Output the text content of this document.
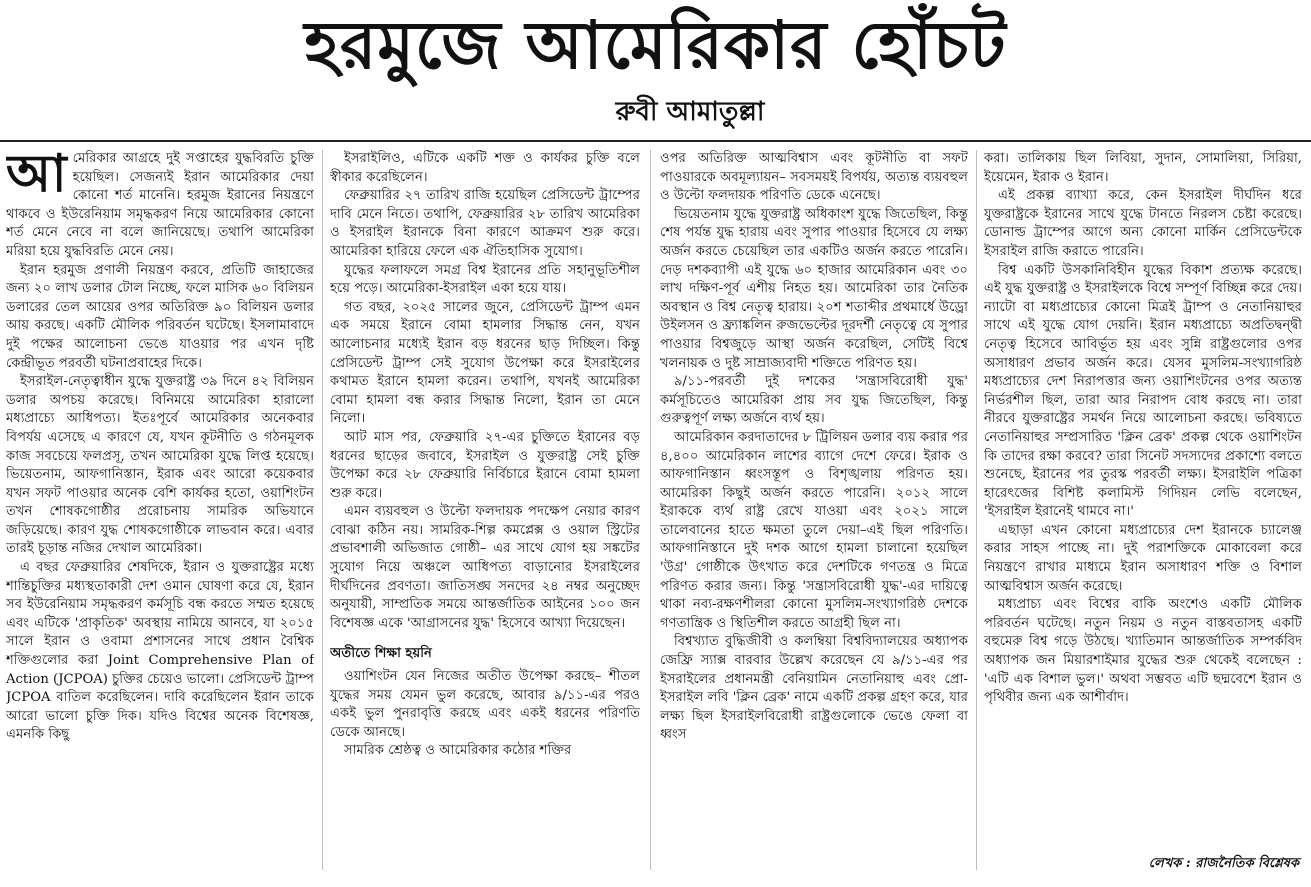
হরমুজে আমেরিকার হোঁচট
রুবী আমাতুল্লা

আমেরিকার আগ্রহে দুই সপ্তাহের যুদ্ধবিরতি চুক্তি হয়েছিল। সেজন্যই ইরান আমেরিকার দেয়া কোনো শর্ত মানেনি। হরমুজ ইরানের নিয়ন্ত্রণে থাকবে ও ইউরেনিয়াম সমৃদ্ধকরণ নিয়ে আমেরিকার কোনো শর্ত মেনে নেবে না বলে জানিয়েছে। তথাপি আমেরিকা মরিয়া হয়ে যুদ্ধবিরতি মেনে নেয়।

ইরান হরমুজ প্রণালী নিয়ন্ত্রণ করবে, প্রতিটি জাহাজের জন্য ২০ লাখ ডলার টোল নিচ্ছে, ফলে মাসিক ৬০ বিলিয়ন ডলারের তেল আয়ের ওপর অতিরিক্ত ৯০ বিলিয়ন ডলার আয় করছে। একটি মৌলিক পরিবর্তন ঘটেছে। ইসলামাবাদে দুই পক্ষের আলোচনা ভেঙে যাওয়ার পর এখন দৃষ্টি কেন্দ্রীভূত পরবর্তী ঘটনাপ্রবাহের দিকে।

ইসরাইল-নেতৃত্বাধীন যুদ্ধে যুক্তরাষ্ট্র ৩৯ দিনে ৪২ বিলিয়ন ডলার অপচয় করেছে। বিনিময়ে আমেরিকা হারালো মধ্যপ্রাচ্যে আধিপত্য। ইতঃপূর্বে আমেরিকার অনেকবার বিপর্যয় এসেছে এ কারণে যে, যখন কূটনীতি ও গঠনমূলক কাজ সবচেয়ে ফলপ্রসূ, তখন আমেরিকা যুদ্ধে লিপ্ত হয়েছে। ভিয়েতনাম, আফগানিস্তান, ইরাক এবং আরো কয়েকবার যখন সফট পাওয়ার অনেক বেশি কার্যকর হতো, ওয়াশিংটন তখন শোষকগোষ্ঠীর প্ররোচনায় সামরিক অভিযানে জড়িয়েছে। কারণ যুদ্ধ শোষকগোষ্ঠীকে লাভবান করে। এবার তারই চূড়ান্ত নজির দেখাল আমেরিকা।

এ বছর ফেব্রুয়ারির শেষদিকে, ইরান ও যুক্তরাষ্ট্রের মধ্যে শান্তিচুক্তির মধ্যস্থতাকারী দেশ ওমান ঘোষণা করে যে, ইরান সব ইউরেনিয়াম সমৃদ্ধকরণ কর্মসূচি বন্ধ করতে সম্মত হয়েছে এবং এটিকে 'প্রাকৃতিক' অবস্থায় নামিয়ে আনবে, যা ২০১৫ সালে ইরান ও ওবামা প্রশাসনের সাথে প্রধান বৈশ্বিক শক্তিগুলোর করা Joint Comprehensive Plan of Action (JCPOA) চুক্তির চেয়েও ভালো। প্রেসিডেন্ট ট্রাম্প JCPOA বাতিল করেছিলেন। দাবি করেছিলেন ইরান তাকে আরো ভালো চুক্তি দিক। যদিও বিশ্বের অনেক বিশেষজ্ঞ, এমনকি কিছু

ইসরাইলিও, এটিকে একটি শক্ত ও কার্যকর চুক্তি বলে স্বীকার করেছিলেন।

ফেব্রুয়ারির ২৭ তারিখ রাজি হয়েছিল প্রেসিডেন্ট ট্রাম্পের দাবি মেনে নিতে। তথাপি, ফেব্রুয়ারির ২৮ তারিখ আমেরিকা ও ইসরাইল ইরানকে বিনা কারণে আক্রমণ শুরু করে। আমেরিকা হারিয়ে ফেলে এক ঐতিহাসিক সুযোগ।

যুদ্ধের ফলাফলে সমগ্র বিশ্ব ইরানের প্রতি সহানুভূতিশীল হয়ে পড়ে। আমেরিকা-ইসরাইল একা হয়ে যায়।

গত বছর, ২০২৫ সালের জুনে, প্রেসিডেন্ট ট্রাম্প এমন এক সময়ে ইরানে বোমা হামলার সিদ্ধান্ত নেন, যখন আলোচনার মধ্যেই ইরান বড় ধরনের ছাড় দিচ্ছিল। কিন্তু প্রেসিডেন্ট ট্রাম্প সেই সুযোগ উপেক্ষা করে ইসরাইলের কথামত ইরানে হামলা করেন। তথাপি, যখনই আমেরিকা বোমা হামলা বন্ধ করার সিদ্ধান্ত নিলো, ইরান তা মেনে নিলো।

আট মাস পর, ফেব্রুয়ারি ২৭-এর চুক্তিতে ইরানের বড় ধরনের ছাড়ের জবাবে, ইসরাইল ও যুক্তরাষ্ট্র সেই চুক্তি উপেক্ষা করে ২৮ ফেব্রুয়ারি নির্বিচারে ইরানে বোমা হামলা শুরু করে।

এমন ব্যয়বহুল ও উল্টো ফলদায়ক পদক্ষেপ নেয়ার কারণ বোঝা কঠিন নয়। সামরিক-শিল্প কমপ্লেক্স ও ওয়াল স্ট্রিটের প্রভাবশালী অভিজাত গোষ্ঠী– এর সাথে যোগ হয় সঙ্কটের সুযোগ নিয়ে অঞ্চলে আধিপত্য বাড়ানোর ইসরাইলের দীর্ঘদিনের প্রবণতা। জাতিসঙ্ঘ সনদের ২৪ নম্বর অনুচ্ছেদ অনুযায়ী, সাম্প্রতিক সময়ে আন্তর্জাতিক আইনের ১০০ জন বিশেষজ্ঞ একে 'আগ্রাসনের যুদ্ধ' হিসেবে আখ্যা দিয়েছেন।

অতীতে শিক্ষা হয়নি

ওয়াশিংটন যেন নিজের অতীত উপেক্ষা করছে– শীতল যুদ্ধের সময় যেমন ভুল করেছে, আবার ৯/১১-এর পরও একই ভুল পুনরাবৃত্তি করছে এবং একই ধরনের পরিণতি ডেকে আনছে।

সামরিক শ্রেষ্ঠত্ব ও আমেরিকার কঠোর শক্তির

ওপর অতিরিক্ত আত্মবিশ্বাস এবং কূটনীতি বা সফট পাওয়ারকে অবমূল্যায়ন– সবসময়ই বিপর্যয়, অত্যন্ত ব্যয়বহুল ও উল্টো ফলদায়ক পরিণতি ডেকে এনেছে।

ভিয়েতনাম যুদ্ধে যুক্তরাষ্ট্র অধিকাংশ যুদ্ধে জিতেছিল, কিন্তু শেষ পর্যন্ত যুদ্ধ হারায় এবং সুপার পাওয়ার হিসেবে যে লক্ষ্য অর্জন করতে চেয়েছিল তার একটিও অর্জন করতে পারেনি। দেড় দশকব্যাপী এই যুদ্ধে ৬০ হাজার আমেরিকান এবং ৩০ লাখ দক্ষিণ-পূর্ব এশীয় নিহত হয়। আমেরিকা তার নৈতিক অবস্থান ও বিশ্ব নেতৃত্ব হারায়। ২০শ শতাব্দীর প্রথমার্ধে উড্রো উইলসন ও ফ্র্যাঙ্কলিন রুজভেল্টের দূরদর্শী নেতৃত্বে যে সুপার পাওয়ার বিশ্বজুড়ে আস্থা অর্জন করেছিল, সেটিই বিশ্বে খলনায়ক ও দুষ্ট সাম্রাজ্যবাদী শক্তিতে পরিণত হয়।

৯/১১-পরবর্তী দুই দশকের 'সন্ত্রাসবিরোধী যুদ্ধ' কর্মসূচিতেও আমেরিকা প্রায় সব যুদ্ধ জিতেছিল, কিন্তু গুরুত্বপূর্ণ লক্ষ্য অর্জনে ব্যর্থ হয়।

আমেরিকান করদাতাদের ৮ ট্রিলিয়ন ডলার ব্যয় করার পর ৪,৪০০ আমেরিকান লাশের ব্যাগে দেশে ফেরে। ইরাক ও আফগানিস্তান ধ্বংসস্তূপ ও বিশৃঙ্খলায় পরিণত হয়। আমেরিকা কিছুই অর্জন করতে পারেনি। ২০১২ সালে ইরাককে ব্যর্থ রাষ্ট্র রেখে যাওয়া এবং ২০২১ সালে তালেবানের হাতে ক্ষমতা তুলে দেয়া–এই ছিল পরিণতি। আফগানিস্তানে দুই দশক আগে হামলা চালানো হয়েছিল 'উগ্র' গোষ্ঠীকে উৎখাত করে দেশটিকে গণতন্ত্র ও মিত্রে পরিণত করার জন্য। কিন্তু 'সন্ত্রাসবিরোধী যুদ্ধ'-এর দায়িত্বে থাকা নব্য-রক্ষণশীলরা কোনো মুসলিম-সংখ্যাগরিষ্ঠ দেশকে গণতান্ত্রিক ও স্থিতিশীল করতে আগ্রহী ছিল না।

বিশ্বখ্যাত বুদ্ধিজীবী ও কলম্বিয়া বিশ্ববিদ্যালয়ের অধ্যাপক জেফ্রি স্যাক্স বারবার উল্লেখ করেছেন যে ৯/১১-এর পর ইসরাইলের প্রধানমন্ত্রী বেনিয়ামিন নেতানিয়াহু এবং প্রো-ইসরাইল লবি 'ক্লিন ব্রেক' নামে একটি প্রকল্প গ্রহণ করে, যার লক্ষ্য ছিল ইসরাইলবিরোধী রাষ্ট্রগুলোকে ভেঙে ফেলা বা ধ্বংস

করা। তালিকায় ছিল লিবিয়া, সুদান, সোমালিয়া, সিরিয়া, ইয়েমেন, ইরাক ও ইরান।

এই প্রকল্প ব্যাখ্যা করে, কেন ইসরাইল দীর্ঘদিন ধরে যুক্তরাষ্ট্রকে ইরানের সাথে যুদ্ধে টানতে নিরলস চেষ্টা করেছে। ডোনাল্ড ট্রাম্পের আগে অন্য কোনো মার্কিন প্রেসিডেন্টকে ইসরাইল রাজি করাতে পারেনি।

বিশ্ব একটি উসকানিবিহীন যুদ্ধের বিকাশ প্রত্যক্ষ করেছে। এই যুদ্ধ যুক্তরাষ্ট্র ও ইসরাইলকে বিশ্বে সম্পূর্ণ বিচ্ছিন্ন করে দেয়। ন্যাটো বা মধ্যপ্রাচ্যের কোনো মিত্রই ট্রাম্প ও নেতানিয়াহুর সাথে এই যুদ্ধে যোগ দেয়নি। ইরান মধ্যপ্রাচ্যে অপ্রতিদ্বন্দ্বী নেতৃত্ব হিসেবে আবির্ভূত হয় এবং সুন্নি রাষ্ট্রগুলোর ওপর অসাধারণ প্রভাব অর্জন করে। যেসব মুসলিম-সংখ্যাগরিষ্ঠ মধ্যপ্রাচ্যের দেশ নিরাপত্তার জন্য ওয়াশিংটনের ওপর অত্যন্ত নির্ভরশীল ছিল, তারা আর নিরাপদ বোধ করছে না। তারা নীরবে যুক্তরাষ্ট্রের সমর্থন নিয়ে আলোচনা করছে। ভবিষ্যতে নেতানিয়াহুর সম্প্রসারিত 'ক্লিন ব্রেক' প্রকল্প থেকে ওয়াশিংটন কি তাদের রক্ষা করবে? তারা সিনেট সদস্যদের প্রকাশ্যে বলতে শুনেছে, ইরানের পর তুরস্ক পরবর্তী লক্ষ্য। ইসরাইলি পত্রিকা হারেৎজের বিশিষ্ট কলামিস্ট গিদিয়ন লেভি বলেছেন, 'ইসরাইল ইরানেই থামবে না।'

এছাড়া এখন কোনো মধ্যপ্রাচ্যের দেশ ইরানকে চ্যালেঞ্জ করার সাহস পাচ্ছে না। দুই পরাশক্তিকে মোকাবেলা করে নিয়ন্ত্রণে রাখার মাধ্যমে ইরান অসাধারণ শক্তি ও বিশাল আত্মবিশ্বাস অর্জন করেছে।

মধ্যপ্রাচ্য এবং বিশ্বের বাকি অংশেও একটি মৌলিক পরিবর্তন ঘটেছে। নতুন নিয়ম ও নতুন বাস্তবতাসহ একটি বহুমেরু বিশ্ব গড়ে উঠছে। খ্যাতিমান আন্তর্জাতিক সম্পর্কবিদ অধ্যাপক জন মিয়ারশাইমার যুদ্ধের শুরু থেকেই বলেছেন : 'এটি এক বিশাল ভুল।' অথবা সম্ভবত এটি ছদ্মবেশে ইরান ও পৃথিবীর জন্য এক আশীর্বাদ।

লেখক : রাজনৈতিক বিশ্লেষক
